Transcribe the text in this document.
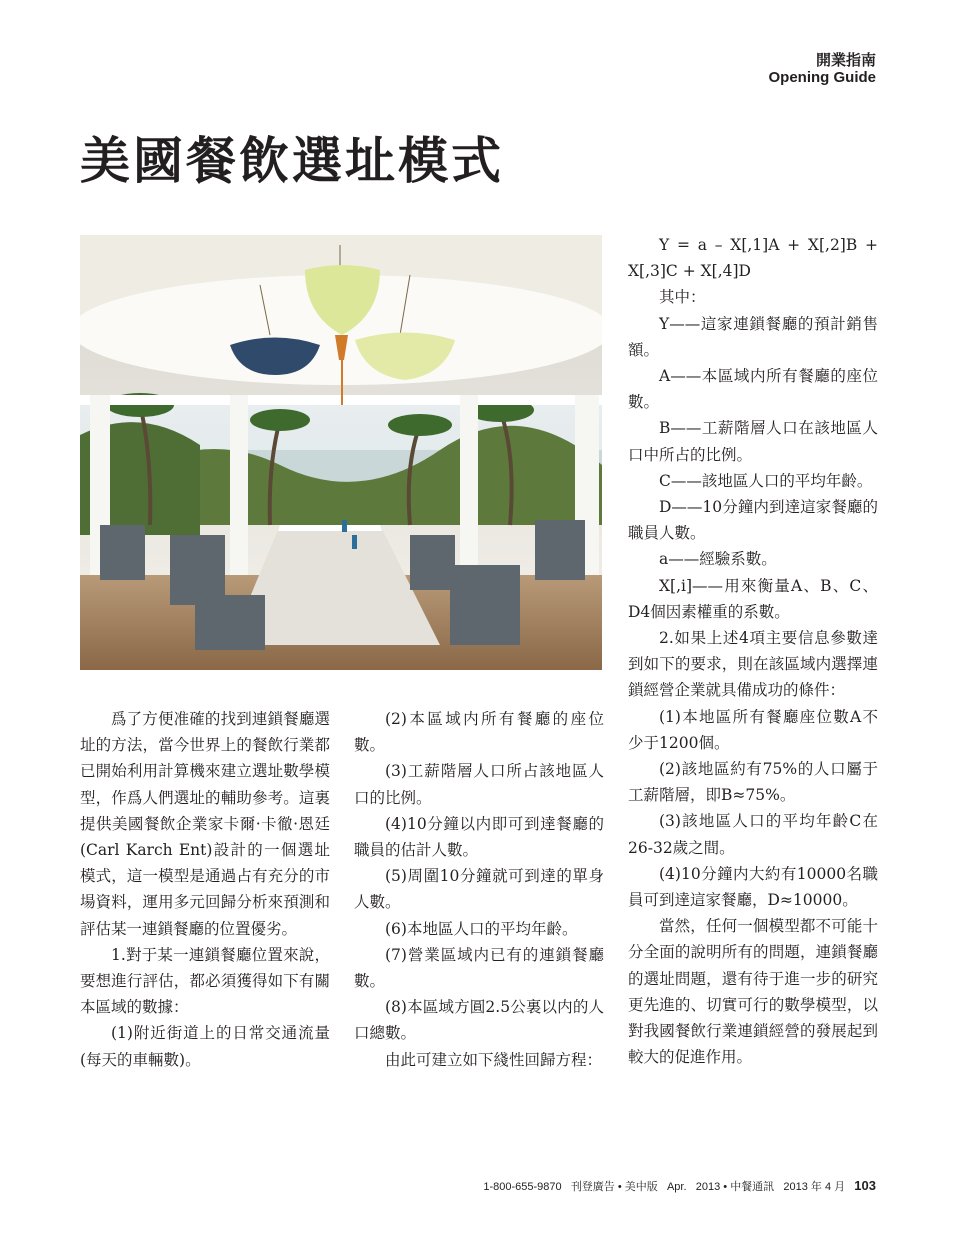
開業指南
Opening Guide
美國餐飲選址模式

爲了方便准確的找到連鎖餐廳選址的方法，當今世界上的餐飲行業都已開始利用計算機來建立選址數學模型，作爲人們選址的輔助參考。這裏提供美國餐飲企業家卡爾·卡徹·恩廷(Carl Karch Ent)設計的一個選址模式，這一模型是通過占有充分的市場資料，運用多元回歸分析來預測和評估某一連鎖餐廳的位置優劣。

1.對于某一連鎖餐廳位置來說，要想進行評估，都必須獲得如下有關本區域的數據：

(1)附近街道上的日常交通流量(每天的車輛數)。

(2)本區域内所有餐廳的座位數。

(3)工薪階層人口所占該地區人口的比例。

(4)10分鐘以内即可到達餐廳的職員的估計人數。

(5)周圍10分鐘就可到達的單身人數。

(6)本地區人口的平均年齡。

(7)營業區域内已有的連鎖餐廳數。

(8)本區域方圓2.5公裏以内的人口總數。

由此可建立如下綫性回歸方程：

Y = a – X[,1]A + X[,2]B + X[,3]C + X[,4]D

其中：

Y——這家連鎖餐廳的預計銷售額。

A——本區域内所有餐廳的座位數。

B——工薪階層人口在該地區人口中所占的比例。

C——該地區人口的平均年齡。

D——10分鐘内到達這家餐廳的職員人數。

a——經驗系數。

X[,i]——用來衡量A、B、C、D4個因素權重的系數。

2.如果上述4項主要信息參數達到如下的要求，則在該區域内選擇連鎖經營企業就具備成功的條件：

(1)本地區所有餐廳座位數A不少于1200個。

(2)該地區約有75%的人口屬于工薪階層，即B≈75%。

(3)該地區人口的平均年齡C在26-32歲之間。

(4)10分鐘内大約有10000名職員可到達這家餐廳，D≈10000。

當然，任何一個模型都不可能十分全面的說明所有的問題，連鎖餐廳的選址問題，還有待于進一步的研究更先進的、切實可行的數學模型，以對我國餐飲行業連鎖經營的發展起到較大的促進作用。

1-800-655-9870 刊登廣告 • 美中版 Apr. 2013 • 中餐通訊 2013 年 4 月 103
